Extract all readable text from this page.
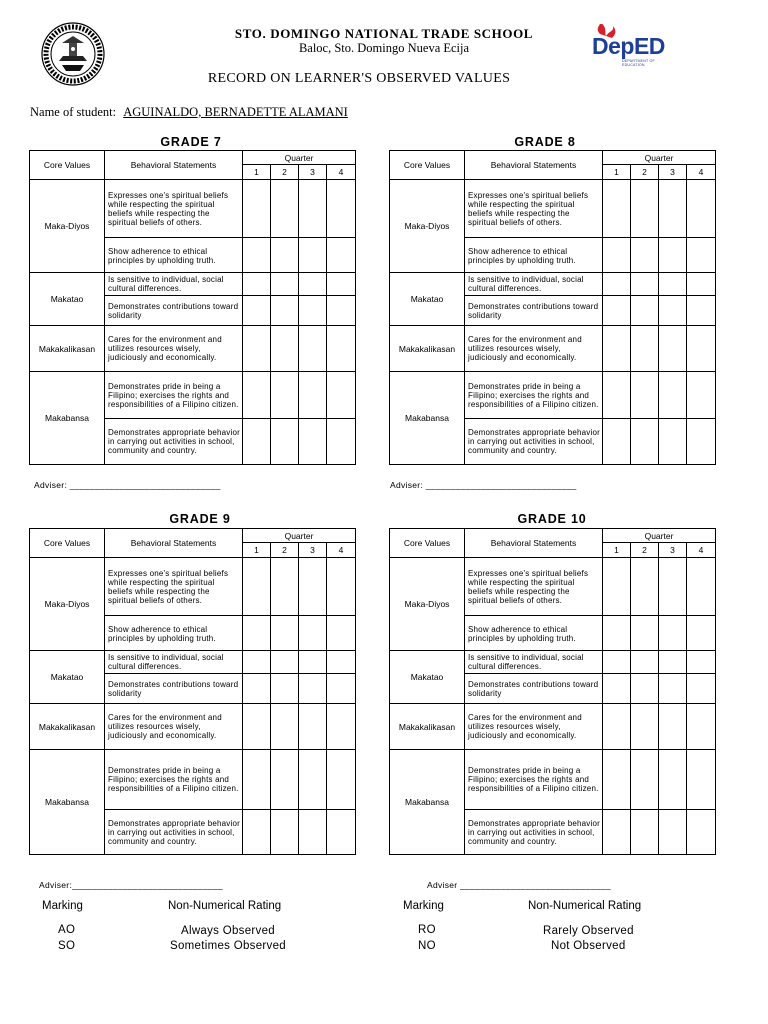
STO. DOMINGO NATIONAL TRADE SCHOOL
Baloc, Sto. Domingo Nueva Ecija	DepED
DEPARTMENT OF EDUCATION
RECORD ON LEARNER'S OBSERVED VALUES
Name of student: AGUINALDO, BERNADETTE ALAMANI
GRADE 7
Core Values	Behavioral Statements	Quarter			
		1	2	3	4
Maka-Diyos	Expresses one's spiritual beliefs while respecting the spiritual beliefs while respecting the spiritual beliefs of others.				
	Show adherence to ethical principles by upholding truth.				
Makatao	Is sensitive to individual, social cultural differences.				
	Demonstrates contributions toward solidarity				
Makakalikasan	Cares for the environment and utilizes resources wisely, judiciously and economically.				
Makabansa	Demonstrates pride in being a Filipino; exercises the rights and responsibilities of a Filipino citizen.				
	Demonstrates appropriate behavior in carrying out activities in school, community and country.				
Adviser: ______________________________
GRADE 8
Core Values	Behavioral Statements	Quarter			
		1	2	3	4
Maka-Diyos	Expresses one's spiritual beliefs while respecting the spiritual beliefs while respecting the spiritual beliefs of others.				
	Show adherence to ethical principles by upholding truth.				
Makatao	Is sensitive to individual, social cultural differences.				
	Demonstrates contributions toward solidarity				
Makakalikasan	Cares for the environment and utilizes resources wisely, judiciously and economically.				
Makabansa	Demonstrates pride in being a Filipino; exercises the rights and responsibilities of a Filipino citizen.				
	Demonstrates appropriate behavior in carrying out activities in school, community and country.				
Adviser: ______________________________
GRADE 9
Core Values	Behavioral Statements	Quarter			
		1	2	3	4
Maka-Diyos	Expresses one's spiritual beliefs while respecting the spiritual beliefs while respecting the spiritual beliefs of others.				
	Show adherence to ethical principles by upholding truth.				
Makatao	Is sensitive to individual, social cultural differences.				
	Demonstrates contributions toward solidarity				
Makakalikasan	Cares for the environment and utilizes resources wisely, judiciously and economically.				
Makabansa	Demonstrates pride in being a Filipino; exercises the rights and responsibilities of a Filipino citizen.				
	Demonstrates appropriate behavior in carrying out activities in school, community and country.				
Adviser:______________________________
GRADE 10
Core Values	Behavioral Statements	Quarter			
		1	2	3	4
Maka-Diyos	Expresses one's spiritual beliefs while respecting the spiritual beliefs while respecting the spiritual beliefs of others.				
	Show adherence to ethical principles by upholding truth.				
Makatao	Is sensitive to individual, social cultural differences.				
	Demonstrates contributions toward solidarity				
Makakalikasan	Cares for the environment and utilizes resources wisely, judiciously and economically.				
Makabansa	Demonstrates pride in being a Filipino; exercises the rights and responsibilities of a Filipino citizen.				
	Demonstrates appropriate behavior in carrying out activities in school, community and country.				
Adviser ______________________________
Marking	Non-Numerical Rating	Marking	Non-Numerical Rating
AO	Always Observed
SO	Sometimes Observed
RO	Rarely Observed
NO	Not Observed
